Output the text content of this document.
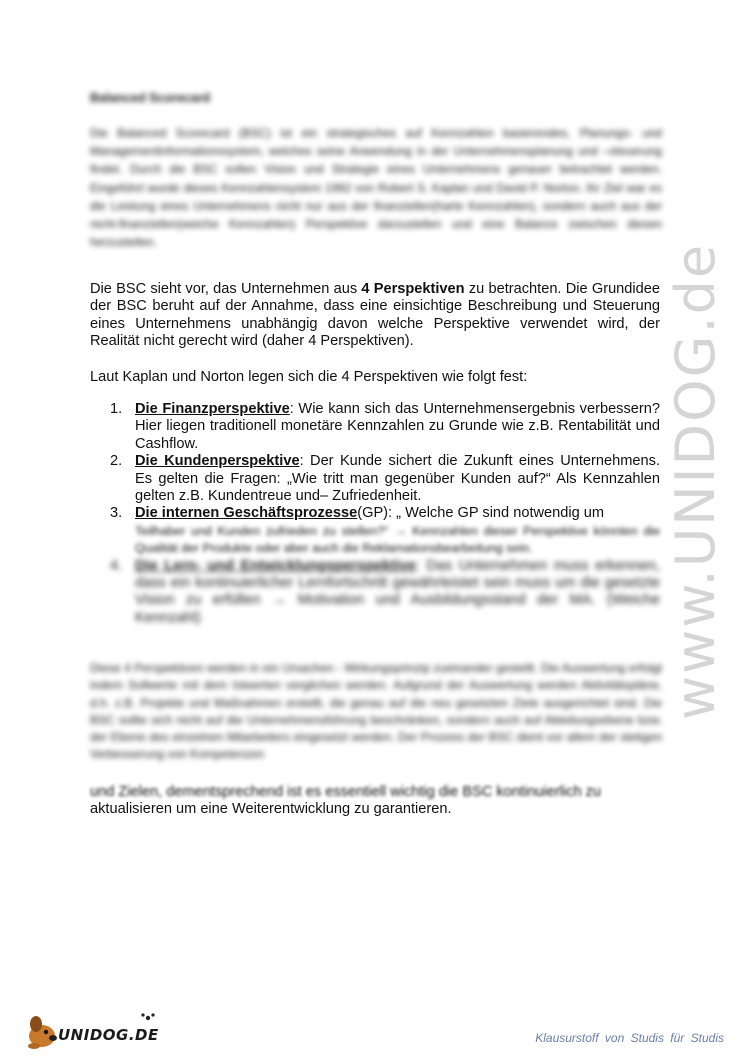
Balanced Scorecard
Die Balanced Scorecard (BSC) ist ein strategisches auf Kennzahlen basierendes, Planungs- und Managementinformationssystem, welches seine Anwendung in der Unternehmensplanung und –steuerung findet. Durch die BSC sollen Vision und Strategie eines Unternehmens genauer betrachtet werden. Eingeführt wurde dieses Kennzahlensystem 1992 von Robert S. Kaplan und David P. Norton. Ihr Ziel war es die Leistung eines Unternehmens nicht nur aus der finanziellen(harte Kennzahlen), sondern auch aus der nicht-finanziellen(weiche Kennzahlen) Perspektive darzustellen und eine Balance zwischen diesen herzustellen.
Die BSC sieht vor, das Unternehmen aus 4 Perspektiven zu betrachten. Die Grundidee der BSC beruht auf der Annahme, dass eine einsichtige Beschreibung und Steuerung eines Unternehmens unabhängig davon welche Perspektive verwendet wird, der Realität nicht gerecht wird (daher 4 Perspektiven).
Laut Kaplan und Norton legen sich die 4 Perspektiven wie folgt fest:
1. Die Finanzperspektive: Wie kann sich das Unternehmensergebnis verbessern? Hier liegen traditionell monetäre Kennzahlen zu Grunde wie z.B. Rentabilität und Cashflow.
2. Die Kundenperspektive: Der Kunde sichert die Zukunft eines Unternehmens. Es gelten die Fragen: „Wie tritt man gegenüber Kunden auf?“ Als Kennzahlen gelten z.B. Kundentreue und– Zufriedenheit.
3. Die internen Geschäftsprozesse(GP): „ Welche GP sind notwendig um
Teilhaber und Kunden zufrieden zu stellen?“ → Kennzahlen dieser Perspektive könnten die Qualität der Produkte oder aber auch die Reklamationsbearbeitung sein.
4. Die Lern- und Entwicklungsperspektive: Das Unternehmen muss erkennen, dass ein kontinuierlicher Lernfortschritt gewährleistet sein muss um die gesetzte Vision zu erfüllen → Motivation und Ausbildungsstand der MA. (Weiche Kennzahl)
Diese 4 Perspektiven werden in ein Ursachen - Wirkungsprinzip zueinander gestellt. Die Auswertung erfolgt indem Sollwerte mit dem Istwerten verglichen werden. Aufgrund der Auswertung werden Aktivitätspläne, d.h. z.B. Projekte und Maßnahmen erstellt, die genau auf die neu gesetzten Ziele ausgerichtet sind. Die BSC sollte sich nicht auf die Unternehmensführung beschränken, sondern auch auf Abteilungsebene bzw. der Ebene des einzelnen Mitarbeiters eingesetzt werden. Der Prozess der BSC dient vor allem der stetigen Verbesserung von Kompetenzen
und Zielen, dementsprechend ist es essentiell wichtig die BSC kontinuierlich zu
aktualisieren um eine Weiterentwicklung zu garantieren.
www.UNIDOG.de
UNIDOG.DE	Klausurstoff von Studis für Studis
